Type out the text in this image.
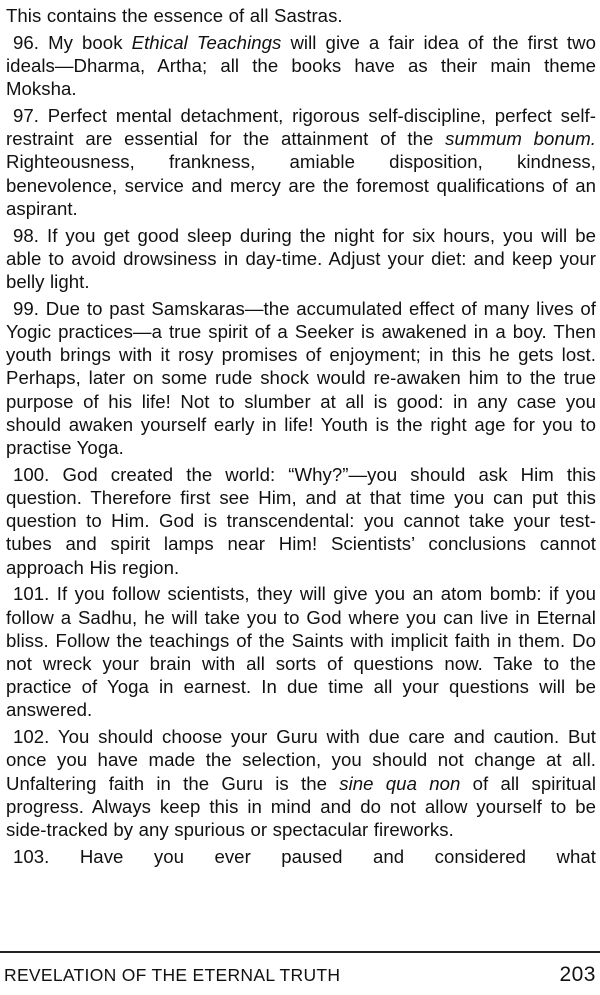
This contains the essence of all Sastras.

96. My book Ethical Teachings will give a fair idea of the first two ideals—Dharma, Artha; all the books have as their main theme Moksha.

97. Perfect mental detachment, rigorous self-discipline, perfect self-restraint are essential for the attainment of the summum bonum. Righteousness, frankness, amiable disposition, kindness, benevolence, service and mercy are the foremost qualifications of an aspirant.

98. If you get good sleep during the night for six hours, you will be able to avoid drowsiness in day-time. Adjust your diet: and keep your belly light.

99. Due to past Samskaras—the accumulated effect of many lives of Yogic practices—a true spirit of a Seeker is awakened in a boy. Then youth brings with it rosy promises of enjoyment; in this he gets lost. Perhaps, later on some rude shock would re-awaken him to the true purpose of his life! Not to slumber at all is good: in any case you should awaken yourself early in life! Youth is the right age for you to practise Yoga.

100. God created the world: “Why?”—you should ask Him this question. Therefore first see Him, and at that time you can put this question to Him. God is transcendental: you cannot take your test-tubes and spirit lamps near Him! Scientists’ conclusions cannot approach His region.

101. If you follow scientists, they will give you an atom bomb: if you follow a Sadhu, he will take you to God where you can live in Eternal bliss. Follow the teachings of the Saints with implicit faith in them. Do not wreck your brain with all sorts of questions now. Take to the practice of Yoga in earnest. In due time all your questions will be answered.

102. You should choose your Guru with due care and caution. But once you have made the selection, you should not change at all. Unfaltering faith in the Guru is the sine qua non of all spiritual progress. Always keep this in mind and do not allow yourself to be side-tracked by any spurious or spectacular fireworks.

103. Have you ever paused and considered what

REVELATION OF THE ETERNAL TRUTH	203
